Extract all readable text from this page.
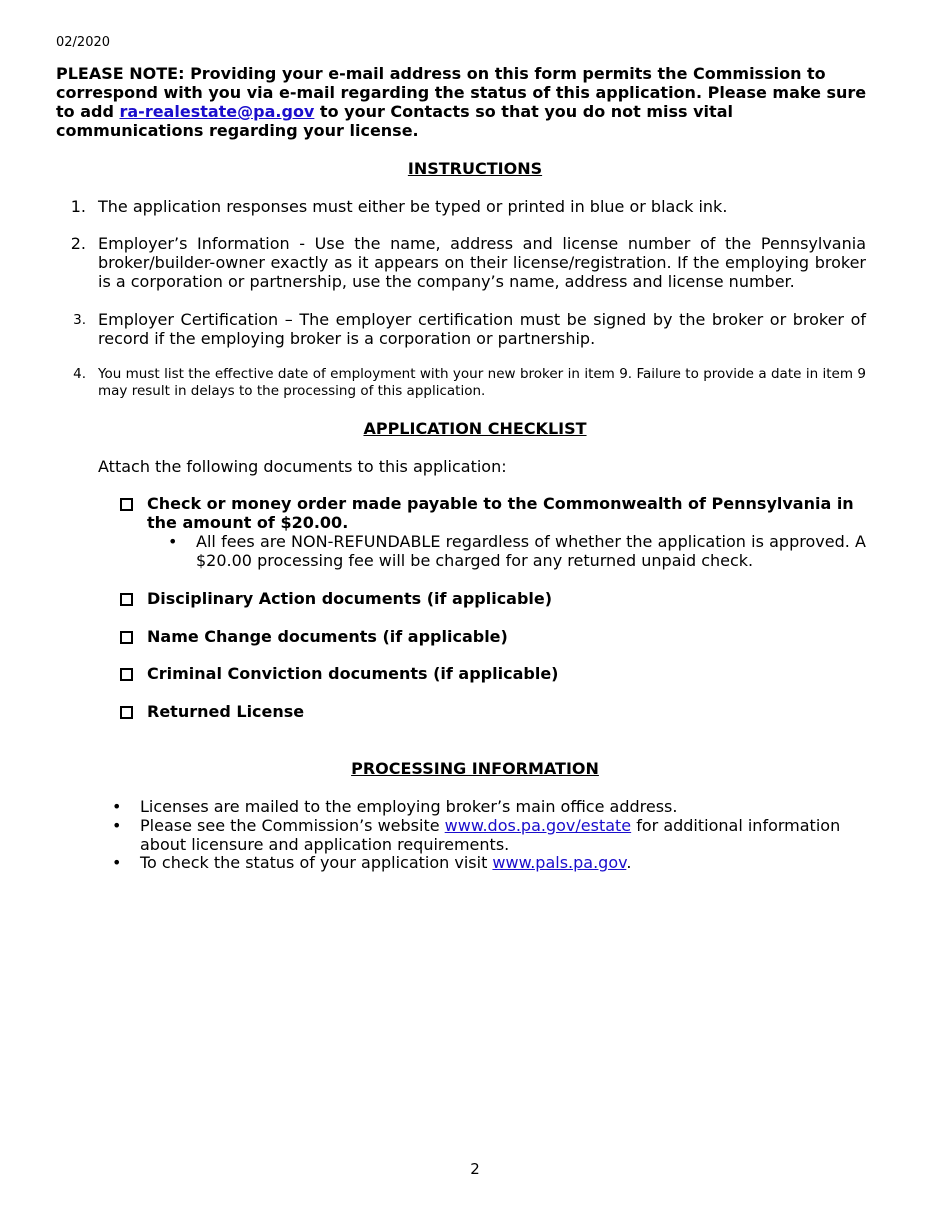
02/2020
PLEASE NOTE: Providing your e-mail address on this form permits the Commission to correspond with you via e-mail regarding the status of this application. Please make sure to add ra-realestate@pa.gov to your Contacts so that you do not miss vital communications regarding your license.
INSTRUCTIONS
1. The application responses must either be typed or printed in blue or black ink.
2. Employer’s Information - Use the name, address and license number of the Pennsylvania broker/builder-owner exactly as it appears on their license/registration. If the employing broker is a corporation or partnership, use the company’s name, address and license number.
3. Employer Certification – The employer certification must be signed by the broker or broker of record if the employing broker is a corporation or partnership.
4. You must list the effective date of employment with your new broker in item 9. Failure to provide a date in item 9 may result in delays to the processing of this application.
APPLICATION CHECKLIST
Attach the following documents to this application:
Check or money order made payable to the Commonwealth of Pennsylvania in the amount of $20.00.
• All fees are NON-REFUNDABLE regardless of whether the application is approved. A $20.00 processing fee will be charged for any returned unpaid check.
Disciplinary Action documents (if applicable)
Name Change documents (if applicable)
Criminal Conviction documents (if applicable)
Returned License
PROCESSING INFORMATION
• Licenses are mailed to the employing broker’s main office address.
• Please see the Commission’s website www.dos.pa.gov/estate for additional information about licensure and application requirements.
• To check the status of your application visit www.pals.pa.gov.
2
